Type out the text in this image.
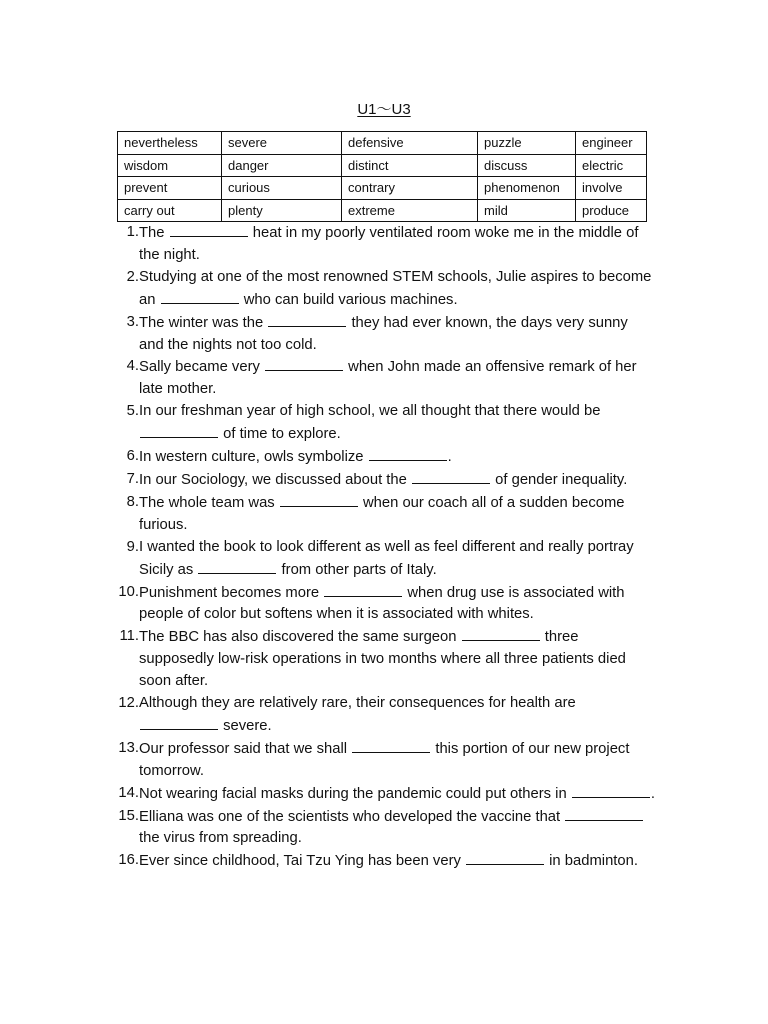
U1～U3
nevertheless	severe	defensive	puzzle	engineer
wisdom	danger	distinct	discuss	electric
prevent	curious	contrary	phenomenon	involve
carry out	plenty	extreme	mild	produce
1. The	heat in my poorly ventilated room woke me in the middle of the night.
2. Studying at one of the most renowned STEM schools, Julie aspires to become an	who can build various machines.
3. The winter was the	they had ever known, the days very sunny and the nights not too cold.
4. Sally became very	when John made an offensive remark of her late mother.
5. In our freshman year of high school, we all thought that there would be  of time to explore.
6. In western culture, owls symbolize	.
7. In our Sociology, we discussed about the	of gender inequality.
8. The whole team was	when our coach all of a sudden become furious.
9. I wanted the book to look different as well as feel different and really portray Sicily as	from other parts of Italy.
10. Punishment becomes more	when drug use is associated with people of color but softens when it is associated with whites.
11. The BBC has also discovered the same surgeon	three supposedly low-risk operations in two months where all three patients died soon after.
12. Although they are relatively rare, their consequences for health are  severe.
13. Our professor said that we shall	this portion of our new project tomorrow.
14. Not wearing facial masks during the pandemic could put others in	.
15. Elliana was one of the scientists who developed the vaccine that  the virus from spreading.
16. Ever since childhood, Tai Tzu Ying has been very	in badminton.
